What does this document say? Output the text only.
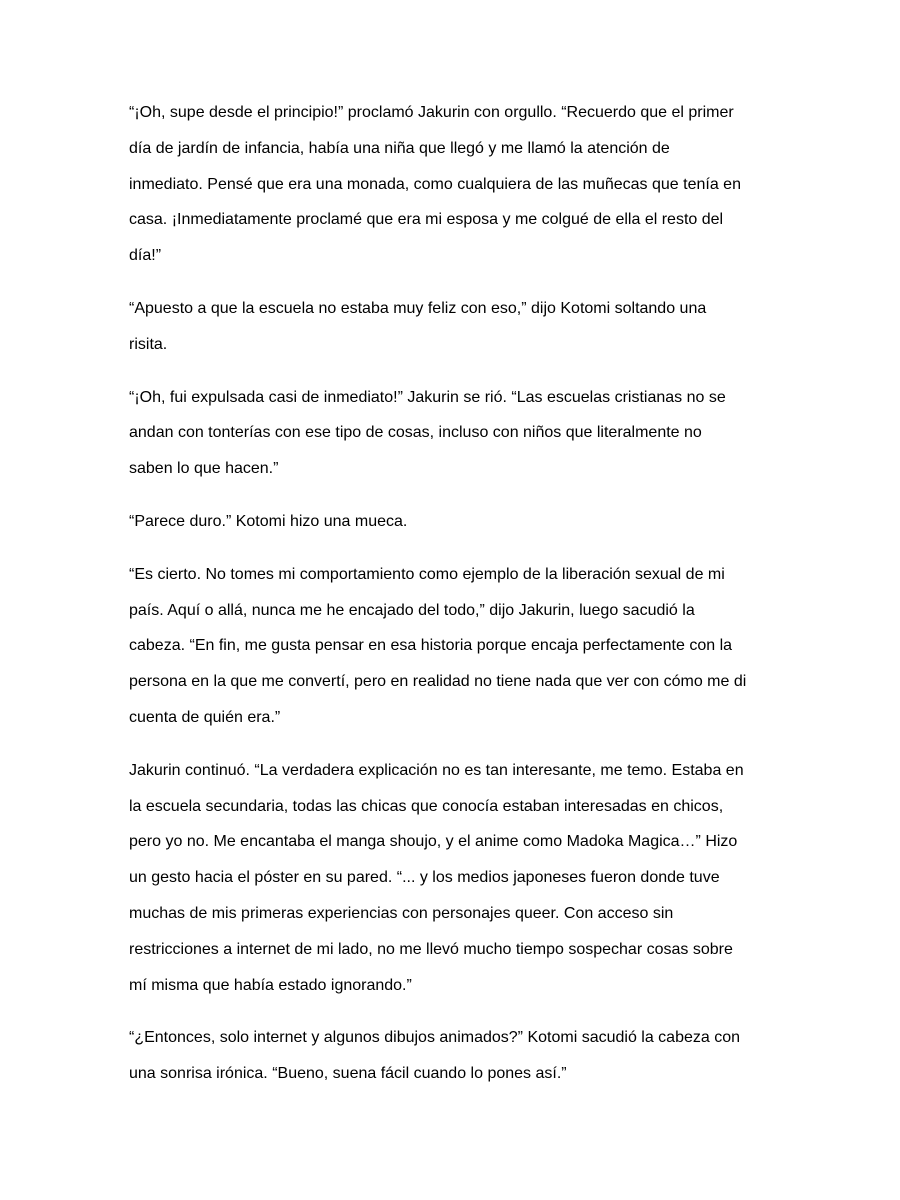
“¡Oh, supe desde el principio!” proclamó Jakurin con orgullo. “Recuerdo que el primer
día de jardín de infancia, había una niña que llegó y me llamó la atención de
inmediato. Pensé que era una monada, como cualquiera de las muñecas que tenía en
casa. ¡Inmediatamente proclamé que era mi esposa y me colgué de ella el resto del
día!”

“Apuesto a que la escuela no estaba muy feliz con eso,” dijo Kotomi soltando una
risita.

“¡Oh, fui expulsada casi de inmediato!” Jakurin se rió. “Las escuelas cristianas no se
andan con tonterías con ese tipo de cosas, incluso con niños que literalmente no
saben lo que hacen.”

“Parece duro.” Kotomi hizo una mueca.

“Es cierto. No tomes mi comportamiento como ejemplo de la liberación sexual de mi
país. Aquí o allá, nunca me he encajado del todo,” dijo Jakurin, luego sacudió la
cabeza. “En fin, me gusta pensar en esa historia porque encaja perfectamente con la
persona en la que me convertí, pero en realidad no tiene nada que ver con cómo me di
cuenta de quién era.”

Jakurin continuó. “La verdadera explicación no es tan interesante, me temo. Estaba en
la escuela secundaria, todas las chicas que conocía estaban interesadas en chicos,
pero yo no. Me encantaba el manga shoujo, y el anime como Madoka Magica…” Hizo
un gesto hacia el póster en su pared. “... y los medios japoneses fueron donde tuve
muchas de mis primeras experiencias con personajes queer. Con acceso sin
restricciones a internet de mi lado, no me llevó mucho tiempo sospechar cosas sobre
mí misma que había estado ignorando.”

“¿Entonces, solo internet y algunos dibujos animados?” Kotomi sacudió la cabeza con
una sonrisa irónica. “Bueno, suena fácil cuando lo pones así.”
